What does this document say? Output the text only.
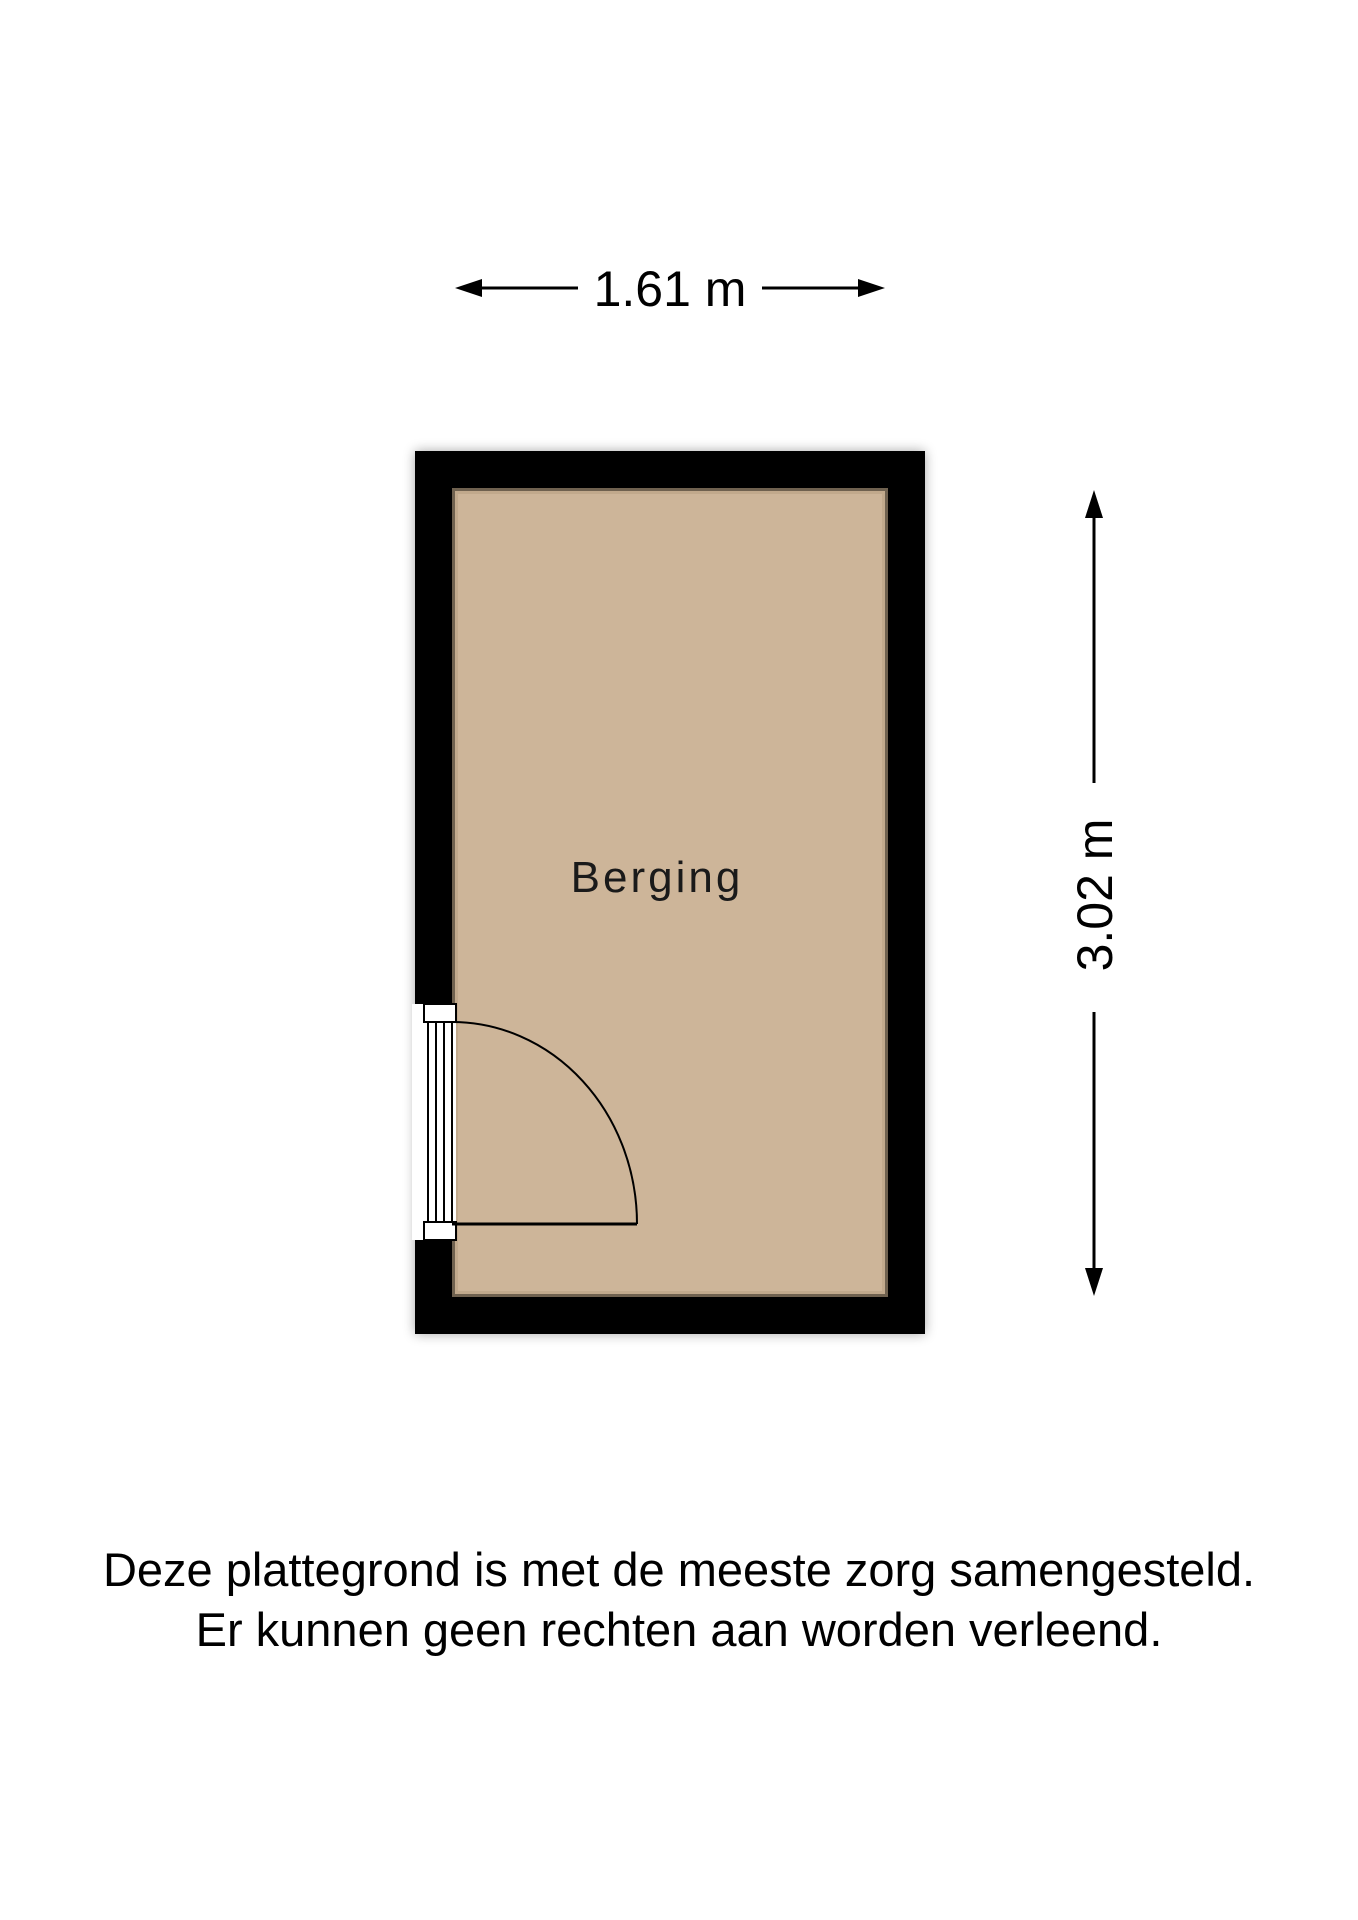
1.61 m
3.02 m
Berging
Deze plattegrond is met de meeste zorg samengesteld.
Er kunnen geen rechten aan worden verleend.
